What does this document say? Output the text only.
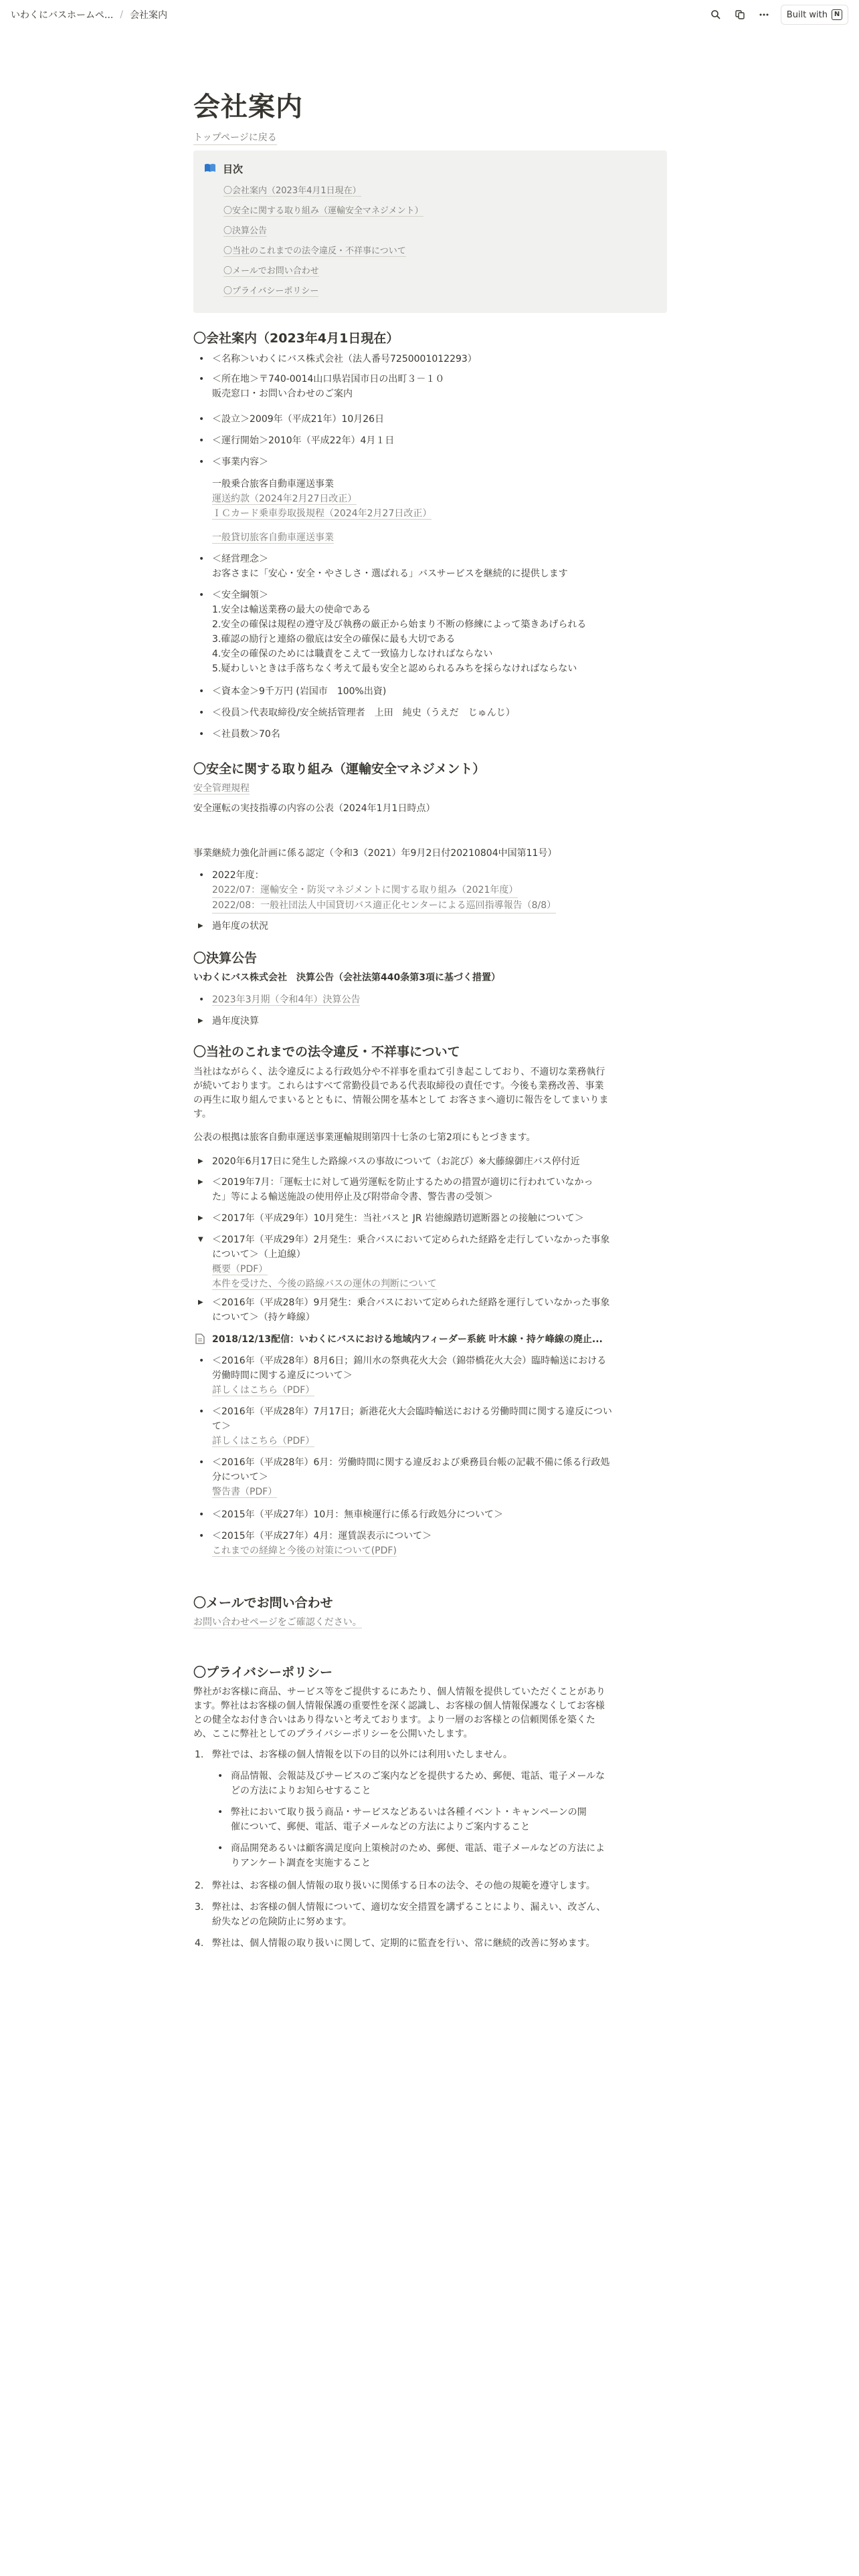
いわくにバスホームペ... / 会社案内	Built with N
会社案内
トップページに戻る
目次
〇会社案内（2023年4月1日現在）
〇安全に関する取り組み（運輸安全マネジメント）
〇決算公告
〇当社のこれまでの法令違反・不祥事について
〇メールでお問い合わせ
〇プライバシーポリシー
〇会社案内（2023年4月1日現在）
• ＜名称＞いわくにバス株式会社（法人番号7250001012293）
• ＜所在地＞〒740-0014山口県岩国市日の出町３－１０
販売窓口・お問い合わせのご案内
• ＜設立＞2009年（平成21年）10月26日
• ＜運行開始＞2010年（平成22年）4月１日
• ＜事業内容＞
一般乗合旅客自動車運送事業
運送約款（2024年2月27日改正）
ＩＣカード乗車券取扱規程（2024年2月27日改正）
一般貸切旅客自動車運送事業
• ＜経営理念＞
お客さまに「安心・安全・やさしさ・選ばれる」バスサービスを継続的に提供します
• ＜安全綱領＞
1.安全は輸送業務の最大の使命である
2.安全の確保は規程の遵守及び執務の厳正から始まり不断の修練によって築きあげられる
3.確認の励行と連絡の徹底は安全の確保に最も大切である
4.安全の確保のためには職責をこえて一致協力しなければならない
5.疑わしいときは手落ちなく考えて最も安全と認められるみちを採らなければならない
• ＜資本金＞9千万円 (岩国市　100%出資)
• ＜役員＞代表取締役/安全統括管理者　上田　純史（うえだ　じゅんじ）
• ＜社員数＞70名
〇安全に関する取り組み（運輸安全マネジメント）
安全管理規程
安全運転の実技指導の内容の公表（2024年1月1日時点）
事業継続力強化計画に係る認定（令和3（2021）年9月2日付20210804中国第11号）
• 2022年度：
2022/07：運輸安全・防災マネジメントに関する取り組み（2021年度）
2022/08：一般社団法人中国貸切バス適正化センターによる巡回指導報告（8/8）
▶ 過年度の状況
〇決算公告
いわくにバス株式会社　決算公告（会社法第440条第3項に基づく措置）
• 2023年3月期（令和4年）決算公告
▶ 過年度決算
〇当社のこれまでの法令違反・不祥事について
当社はながらく、法令違反による行政処分や不祥事を重ねて引き起こしており、不適切な業務執行
が続いております。これらはすべて常勤役員である代表取締役の責任です。今後も業務改善、事業
の再生に取り組んでまいるとともに、情報公開を基本として お客さまへ適切に報告をしてまいりま
す。
公表の根拠は旅客自動車運送事業運輸規則第四十七条の七第2項にもとづきます。
▶ 2020年6月17日に発生した路線バスの事故について（お詫び）※大藤線御庄バス停付近
▶ ＜2019年7月：「運転士に対して過労運転を防止するための措置が適切に行われていなかっ
た」等による輸送施設の使用停止及び附帯命令書、警告書の受領＞
▶ ＜2017年（平成29年）10月発生：当社バスと JR 岩徳線踏切遮断器との接触について＞
▼ ＜2017年（平成29年）2月発生：乗合バスにおいて定められた経路を走行していなかった事象
について＞（上迫線）
概要（PDF）
本件を受けた、今後の路線バスの運休の判断について
▶ ＜2016年（平成28年）9月発生：乗合バスにおいて定められた経路を運行していなかった事象
について＞（持ケ峰線）
2018/12/13配信：いわくにバスにおける地域内フィーダー系統 叶木線・持ケ峰線の廃止...
• ＜2016年（平成28年）8月6日；錦川水の祭典花火大会（錦帯橋花火大会）臨時輸送における
労働時間に関する違反について＞
詳しくはこちら（PDF）
• ＜2016年（平成28年）7月17日；新港花火大会臨時輸送における労働時間に関する違反につい
て＞
詳しくはこちら（PDF）
• ＜2016年（平成28年）6月：労働時間に関する違反および乗務員台帳の記載不備に係る行政処
分について＞
警告書（PDF）
• ＜2015年（平成27年）10月：無車検運行に係る行政処分について＞
• ＜2015年（平成27年）4月：運賃誤表示について＞
これまでの経緯と今後の対策について(PDF)
〇メールでお問い合わせ
お問い合わせページをご確認ください。
〇プライバシーポリシー
弊社がお客様に商品、サービス等をご提供するにあたり、個人情報を提供していただくことがあり
ます。弊社はお客様の個人情報保護の重要性を深く認識し、お客様の個人情報保護なくしてお客様
との健全なお付き合いはあり得ないと考えております。より一層のお客様との信頼関係を築くた
め、ここに弊社としてのプライバシーポリシーを公開いたします。
1. 弊社では、お客様の個人情報を以下の目的以外には利用いたしません。
• 商品情報、会報誌及びサービスのご案内などを提供するため、郵便、電話、電子メールな
どの方法によりお知らせすること
• 弊社において取り扱う商品・サービスなどあるいは各種イベント・キャンペーンの開
催について、郵便、電話、電子メールなどの方法によりご案内すること
• 商品開発あるいは顧客満足度向上策検討のため、郵便、電話、電子メールなどの方法によ
りアンケート調査を実施すること
2. 弊社は、お客様の個人情報の取り扱いに関係する日本の法令、その他の規範を遵守します。
3. 弊社は、お客様の個人情報について、適切な安全措置を講ずることにより、漏えい、改ざん、
紛失などの危険防止に努めます。
4. 弊社は、個人情報の取り扱いに関して、定期的に監査を行い、常に継続的改善に努めます。
